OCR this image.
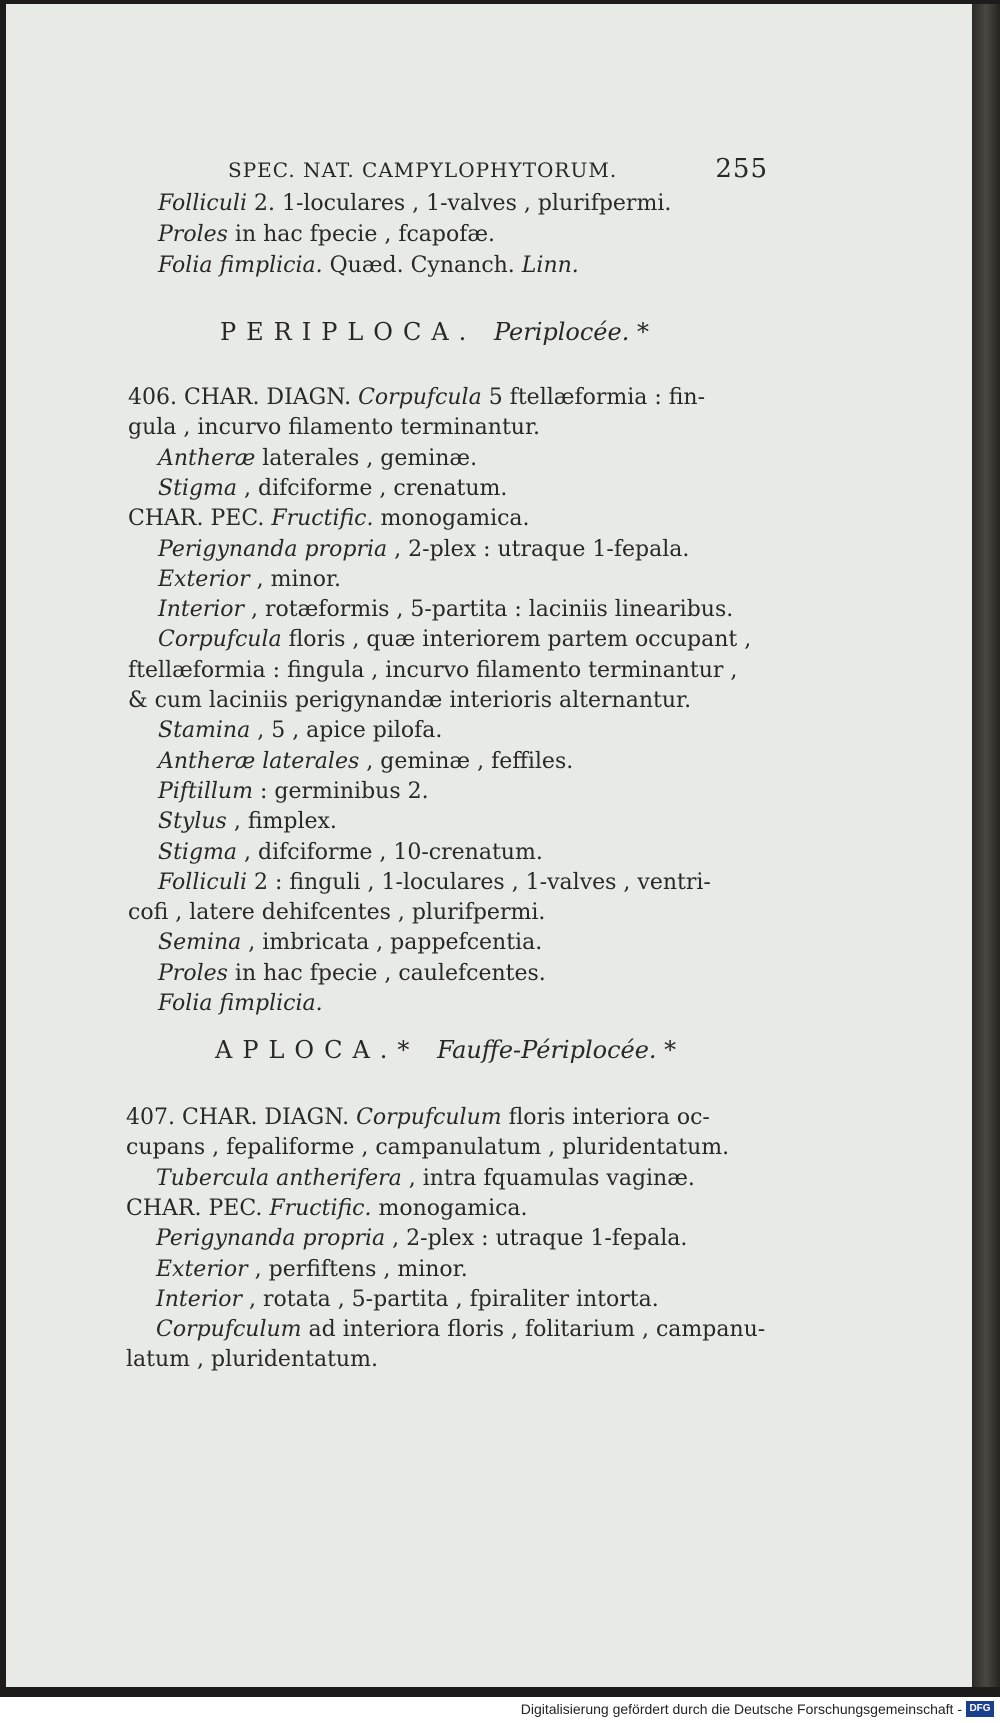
SPEC. NAT. CAMPYLOPHYTORUM.	255
Folliculi 2. 1-loculares , 1-valves , plurifpermi.
Proles in hac fpecie , fcapofæ.
Folia fimplicia. Quæd. Cynanch. Linn.
PERIPLOCA. Periplocée. *
406. CHAR. DIAGN. Corpufcula 5 ftellæformia : fin-
gula , incurvo filamento terminantur.
Antheræ laterales , geminæ.
Stigma , difciforme , crenatum.
CHAR. PEC. Fructific. monogamica.
Perigynanda propria , 2-plex : utraque 1-fepala.
Exterior , minor.
Interior , rotæformis , 5-partita : laciniis linearibus.
Corpufcula floris , quæ interiorem partem occupant ,
ftellæformia : fingula , incurvo filamento terminantur ,
& cum laciniis perigynandæ interioris alternantur.
Stamina , 5 , apice pilofa.
Antheræ laterales , geminæ , feffiles.
Piftillum : germinibus 2.
Stylus , fimplex.
Stigma , difciforme , 10-crenatum.
Folliculi 2 : finguli , 1-loculares , 1-valves , ventri-
cofi , latere dehifcentes , plurifpermi.
Semina , imbricata , pappefcentia.
Proles in hac fpecie , caulefcentes.
Folia fimplicia.
APLOCA.* Fauffe-Périplocée. *
407. CHAR. DIAGN. Corpufculum floris interiora oc-
cupans , fepaliforme , campanulatum , pluridentatum.
Tubercula antherifera , intra fquamulas vaginæ.
CHAR. PEC. Fructific. monogamica.
Perigynanda propria , 2-plex : utraque 1-fepala.
Exterior , perfiftens , minor.
Interior , rotata , 5-partita , fpiraliter intorta.
Corpufculum ad interiora floris , folitarium , campanu-
latum , pluridentatum.
Digitalisierung gefördert durch die Deutsche Forschungsgemeinschaft - DFG
